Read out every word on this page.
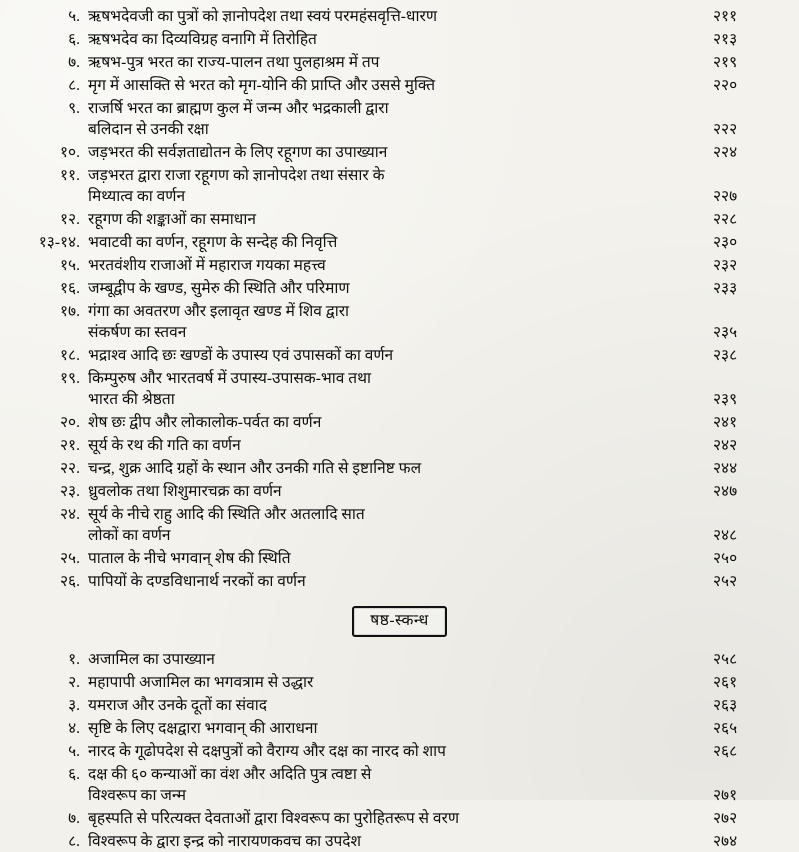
५. ऋषभदेवजी का पुत्रों को ज्ञानोपदेश तथा स्वयं परमहंसवृत्ति-धारण	२११
६. ऋषभदेव का दिव्यविग्रह वनागि में तिरोहित	२१३
७. ऋषभ-पुत्र भरत का राज्य-पालन तथा पुलहाश्रम में तप	२१९
८. मृग में आसक्ति से भरत को मृग-योनि की प्राप्ति और उससे मुक्ति	२२०
९. राजर्षि भरत का ब्राह्मण कुल में जन्म और भद्रकाली द्वारा
बलिदान से उनकी रक्षा	२२२
१०. जड़भरत की सर्वज्ञताद्योतन के लिए रहूगण का उपाख्यान	२२४
११. जड़भरत द्वारा राजा रहूगण को ज्ञानोपदेश तथा संसार के
मिथ्यात्व का वर्णन	२२७
१२. रहूगण की शङ्काओं का समाधान	२२८
१३-१४. भवाटवी का वर्णन, रहूगण के सन्देह की निवृत्ति	२३०
१५. भरतवंशीय राजाओं में महाराज गयका महत्त्व	२३२
१६. जम्बूद्वीप के खण्ड, सुमेरु की स्थिति और परिमाण	२३३
१७. गंगा का अवतरण और इलावृत खण्ड में शिव द्वारा
संकर्षण का स्तवन	२३५
१८. भद्राश्व आदि छः खण्डों के उपास्य एवं उपासकों का वर्णन	२३८
१९. किम्पुरुष और भारतवर्ष में उपास्य-उपासक-भाव तथा
भारत की श्रेष्ठता	२३९
२०. शेष छः द्वीप और लोकालोक-पर्वत का वर्णन	२४१
२१. सूर्य के रथ की गति का वर्णन	२४२
२२. चन्द्र, शुक्र आदि ग्रहों के स्थान और उनकी गति से इष्टानिष्ट फल	२४४
२३. ध्रुवलोक तथा शिशुमारचक्र का वर्णन	२४७
२४. सूर्य के नीचे राहु आदि की स्थिति और अतलादि सात
लोकों का वर्णन	२४८
२५. पाताल के नीचे भगवान् शेष की स्थिति	२५०
२६. पापियों के दण्डविधानार्थ नरकों का वर्णन	२५२
षष्ठ-स्कन्ध
१. अजामिल का उपाख्यान	२५८
२. महापापी अजामिल का भगवत्राम से उद्धार	२६१
३. यमराज और उनके दूतों का संवाद	२६३
४. सृष्टि के लिए दक्षद्वारा भगवान् की आराधना	२६५
५. नारद के गूढोपदेश से दक्षपुत्रों को वैराग्य और दक्ष का नारद को शाप	२६८
६. दक्ष की ६० कन्याओं का वंश और अदिति पुत्र त्वष्टा से
विश्वरूप का जन्म	२७१
७. बृहस्पति से परित्यक्त देवताओं द्वारा विश्वरूप का पुरोहितरूप से वरण	२७२
८. विश्वरूप के द्वारा इन्द्र को नारायणकवच का उपदेश	२७४
